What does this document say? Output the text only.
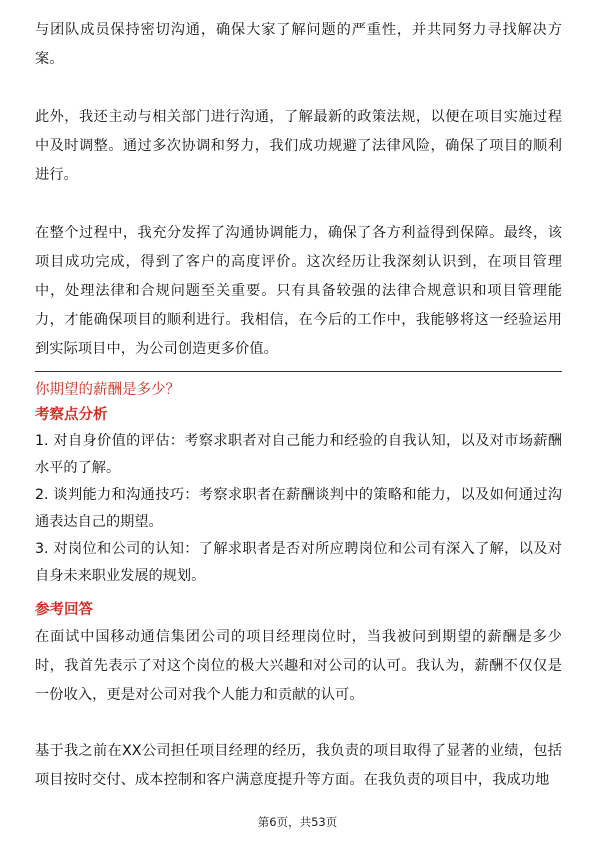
与团队成员保持密切沟通，确保大家了解问题的严重性，并共同努力寻找解决方案。

此外，我还主动与相关部门进行沟通，了解最新的政策法规，以便在项目实施过程中及时调整。通过多次协调和努力，我们成功规避了法律风险，确保了项目的顺利进行。

在整个过程中，我充分发挥了沟通协调能力，确保了各方利益得到保障。最终，该项目成功完成，得到了客户的高度评价。这次经历让我深刻认识到，在项目管理中，处理法律和合规问题至关重要。只有具备较强的法律合规意识和项目管理能力，才能确保项目的顺利进行。我相信，在今后的工作中，我能够将这一经验运用到实际项目中，为公司创造更多价值。

你期望的薪酬是多少？

考察点分析

1. 对自身价值的评估：考察求职者对自己能力和经验的自我认知，以及对市场薪酬水平的了解。

2. 谈判能力和沟通技巧：考察求职者在薪酬谈判中的策略和能力，以及如何通过沟通表达自己的期望。

3. 对岗位和公司的认知：了解求职者是否对所应聘岗位和公司有深入了解，以及对自身未来职业发展的规划。

参考回答

在面试中国移动通信集团公司的项目经理岗位时，当我被问到期望的薪酬是多少时，我首先表示了对这个岗位的极大兴趣和对公司的认可。我认为，薪酬不仅仅是一份收入，更是对公司对我个人能力和贡献的认可。

基于我之前在XX公司担任项目经理的经历，我负责的项目取得了显著的业绩，包括项目按时交付、成本控制和客户满意度提升等方面。在我负责的项目中，我成功地

第6页，共53页
